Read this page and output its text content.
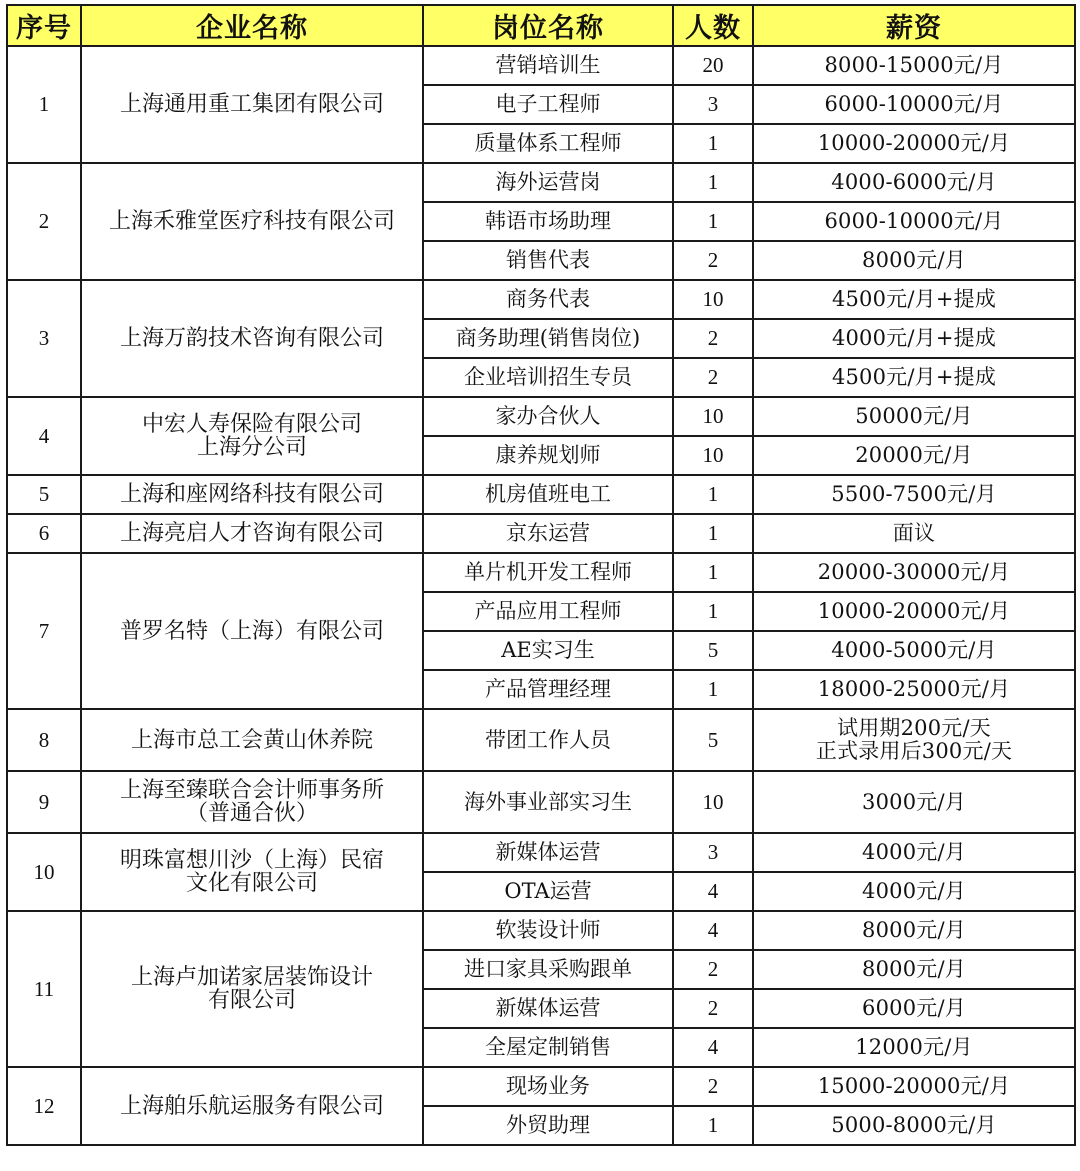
序号	企业名称	岗位名称	人数	薪资
1	上海通用重工集团有限公司	营销培训生	20	8000-15000元/月

		电子工程师	3	6000-10000元/月

		质量体系工程师	1	10000-20000元/月

2	上海禾雅堂医疗科技有限公司	海外运营岗	1	4000-6000元/月

		韩语市场助理	1	6000-10000元/月

		销售代表	2	8000元/月

3	上海万韵技术咨询有限公司	商务代表	10	4500元/月+提成

		商务助理(销售岗位)	2	4000元/月+提成

		企业培训招生专员	2	4500元/月+提成

4	中宏人寿保险有限公司
上海分公司	家办合伙人	10	50000元/月

		康养规划师	10	20000元/月

5	上海和座网络科技有限公司	机房值班电工	1	5500-7500元/月

6	上海亮启人才咨询有限公司	京东运营	1	面议

7	普罗名特（上海）有限公司	单片机开发工程师	1	20000-30000元/月

		产品应用工程师	1	10000-20000元/月

		AE实习生	5	4000-5000元/月

		产品管理经理	1	18000-25000元/月

8	上海市总工会黄山休养院	带团工作人员	5	试用期200元/天
正式录用后300元/天

9	上海至臻联合会计师事务所
（普通合伙）	海外事业部实习生	10	3000元/月

10	明珠富想川沙（上海）民宿
文化有限公司	新媒体运营	3	4000元/月

		OTA运营	4	4000元/月

11	上海卢加诺家居装饰设计
有限公司	软装设计师	4	8000元/月

		进口家具采购跟单	2	8000元/月

		新媒体运营	2	6000元/月

		全屋定制销售	4	12000元/月

12	上海舶乐航运服务有限公司	现场业务	2	15000-20000元/月

		外贸助理	1	5000-8000元/月
